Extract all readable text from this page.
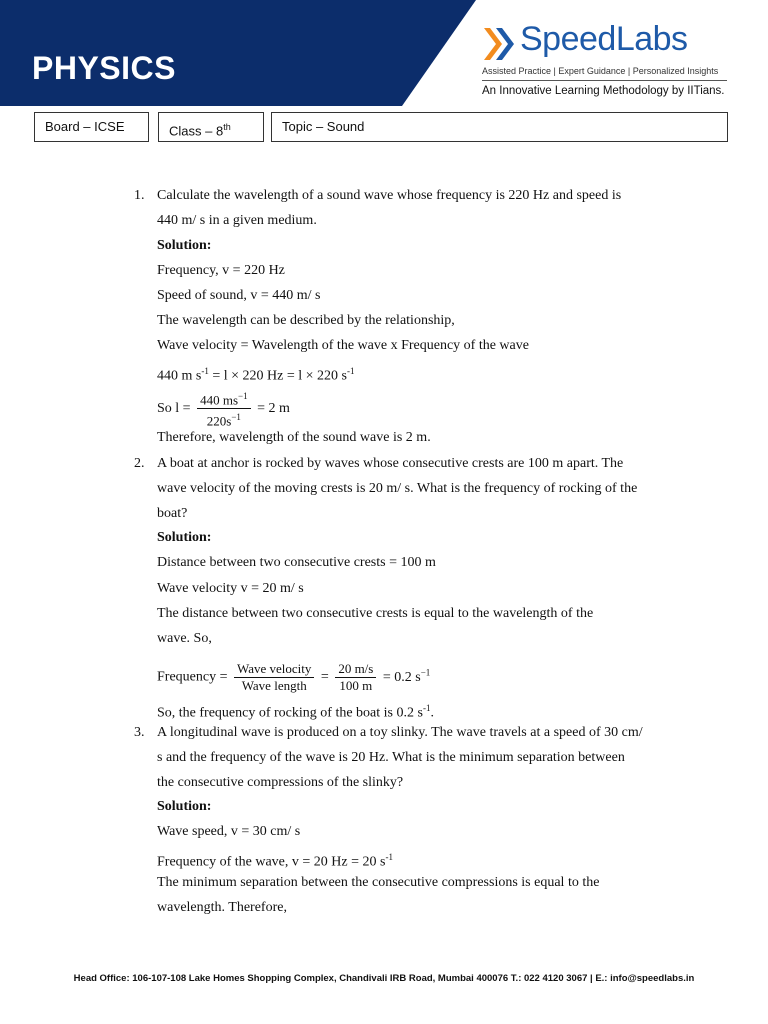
PHYSICS
SpeedLabs
Assisted Practice | Expert Guidance | Personalized Insights
An Innovative Learning Methodology by IITians.
Board – ICSE	Class – 8th	Topic – Sound
1. Calculate the wavelength of a sound wave whose frequency is 220 Hz and speed is
440 m/ s in a given medium.
Solution:
Frequency, v = 220 Hz
Speed of sound, v = 440 m/ s
The wavelength can be described by the relationship,
Wave velocity = Wavelength of the wave x Frequency of the wave
440 m $s^{-1} = l \times 220$ Hz = l × 220 $s^{-1}$
So $l = \frac{440 ms^{-1}}{220s^{-1}} = 2$ m
Therefore, wavelength of the sound wave is 2 m.
2. A boat at anchor is rocked by waves whose consecutive crests are 100 m apart. The
wave velocity of the moving crests is 20 m/ s. What is the frequency of rocking of the
boat?
Solution:
Distance between two consecutive crests = 100 m
Wave velocity v = 20 m/ s
The distance between two consecutive crests is equal to the wavelength of the
wave. So,
Frequency = $\frac{\text{Wave velocity}}{\text{Wave length}} = \frac{20 m/s}{100 m} = 0.2$ $s^{-1}$
So, the frequency of rocking of the boat is 0.2 $s^{-1}$.
3. A longitudinal wave is produced on a toy slinky. The wave travels at a speed of 30 cm/
s and the frequency of the wave is 20 Hz. What is the minimum separation between
the consecutive compressions of the slinky?
Solution:
Wave speed, v = 30 cm/ s
Frequency of the wave, v = 20 Hz = 20 $s^{-1}$
The minimum separation between the consecutive compressions is equal to the
wavelength. Therefore,
Head Office: 106-107-108 Lake Homes Shopping Complex, Chandivali IRB Road, Mumbai 400076 T.: 022 4120 3067 | E.: info@speedlabs.in
